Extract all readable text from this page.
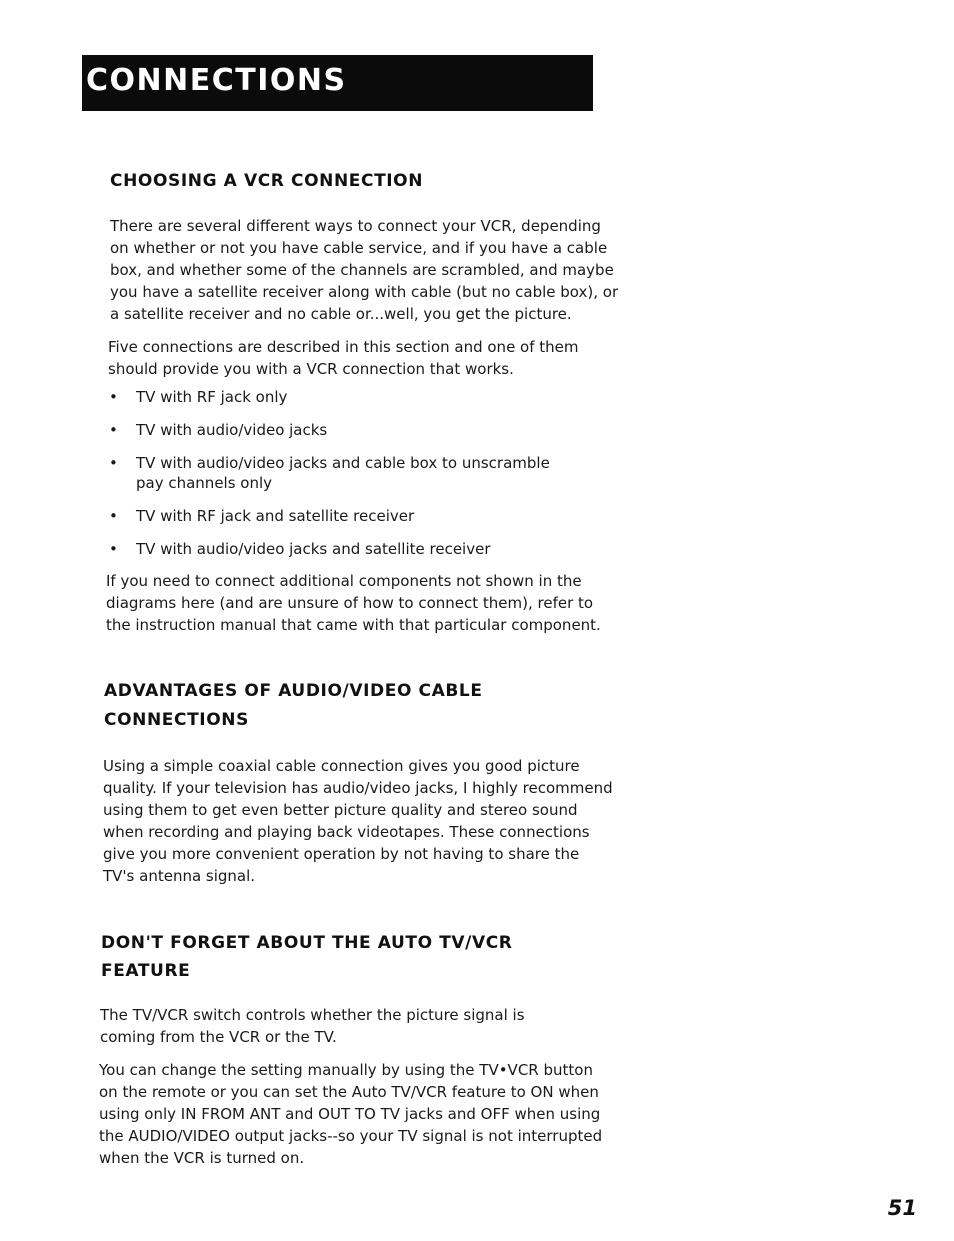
CONNECTIONS
CHOOSING A VCR CONNECTION

There are several different ways to connect your VCR, depending on whether or not you have cable service, and if you have a cable box, and whether some of the channels are scrambled, and maybe you have a satellite receiver along with cable (but no cable box), or a satellite receiver and no cable or...well, you get the picture.

Five connections are described in this section and one of them should provide you with a VCR connection that works.

• TV with RF jack only
• TV with audio/video jacks
• TV with audio/video jacks and cable box to unscramble pay channels only
• TV with RF jack and satellite receiver
• TV with audio/video jacks and satellite receiver

If you need to connect additional components not shown in the diagrams here (and are unsure of how to connect them), refer to the instruction manual that came with that particular component.

ADVANTAGES OF AUDIO/VIDEO CABLE
CONNECTIONS

Using a simple coaxial cable connection gives you good picture quality. If your television has audio/video jacks, I highly recommend using them to get even better picture quality and stereo sound when recording and playing back videotapes. These connections give you more convenient operation by not having to share the TV's antenna signal.

DON'T FORGET ABOUT THE AUTO TV/VCR
FEATURE

The TV/VCR switch controls whether the picture signal is coming from the VCR or the TV.

You can change the setting manually by using the TV•VCR button on the remote or you can set the Auto TV/VCR feature to ON when using only IN FROM ANT and OUT TO TV jacks and OFF when using the AUDIO/VIDEO output jacks--so your TV signal is not interrupted when the VCR is turned on.

51
